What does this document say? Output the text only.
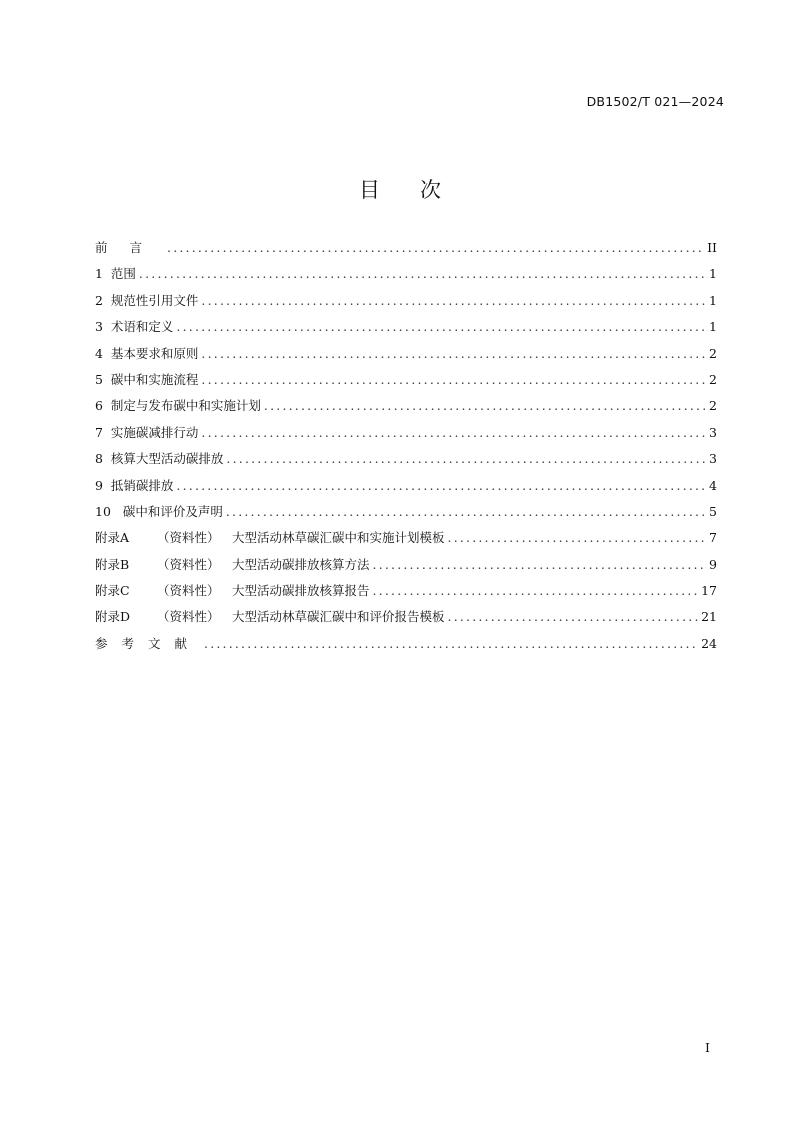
DB1502/T 021—2024
目次
前言 .....	II
1 范围 .....	1
2 规范性引用文件 .....	1
3 术语和定义 .....	1
4 基本要求和原则 .....	2
5 碳中和实施流程 .....	2
6 制定与发布碳中和实施计划 .....	2
7 实施碳减排行动 .....	3
8 核算大型活动碳排放 .....	3
9 抵销碳排放 .....	4
10 碳中和评价及声明 .....	5
附录A （资料性） 大型活动林草碳汇碳中和实施计划模板 .....	7
附录B （资料性） 大型活动碳排放核算方法 .....	9
附录C （资料性） 大型活动碳排放核算报告 .....	17
附录D （资料性） 大型活动林草碳汇碳中和评价报告模板 .....	21
参考文献 .....	24
I
